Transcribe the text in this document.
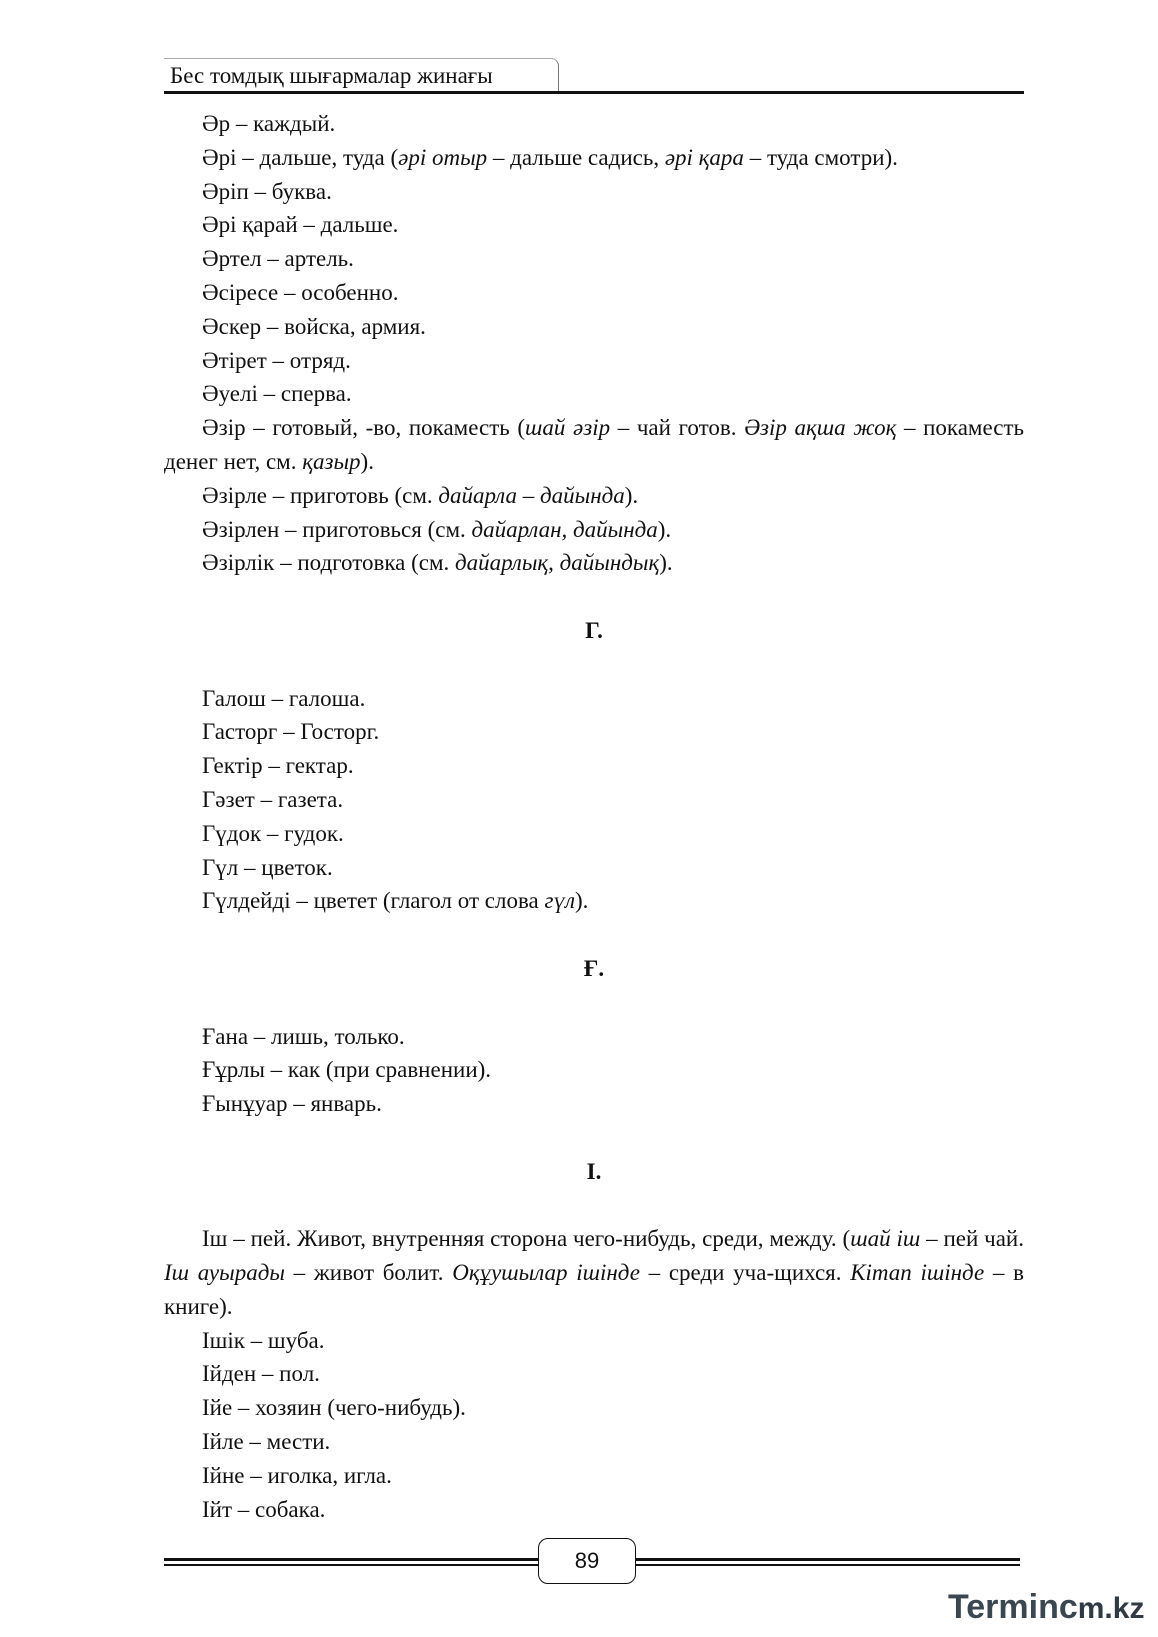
Бес томдық шығармалар жинағы

Әр – каждый.

Әрі – дальше, туда (әрі отыр – дальше садись, әрі қара – туда смотри).

Әріп – буква.

Әрі қарай – дальше.

Әртел – артель.

Әсіресе – особенно.

Әскер – войска, армия.

Әтірет – отряд.

Әуелі – сперва.

Әзір – готовый, -во, покаместь (шай әзір – чай готов. Әзір ақша жоқ – покаместь денег нет, см. қазыр).

Әзірле – приготовь (см. дайарла – дайында).

Әзірлен – приготовься (см. дайарлан, дайында).

Әзірлік – подготовка (см. дайарлық, дайындық).

Г.

Галош – галоша.

Гасторг – Госторг.

Гектір – гектар.

Гәзет – газета.

Гүдок – гудок.

Гүл – цветок.

Гүлдейді – цветет (глагол от слова гүл).

Ғ.

Ғана – лишь, только.

Ғұрлы – как (при сравнении).

Ғынұуар – январь.

І.

Іш – пей. Живот, внутренняя сторона чего-нибудь, среди, между. (шай іш – пей чай. Іш ауырады – живот болит. Оқұушылар ішінде – среди уча-щихся. Кітап ішінде – в книге).

Ішік – шуба.

Ійден – пол.

Ійе – хозяин (чего-нибудь).

Ійле – мести.

Ійне – иголка, игла.

Ійт – собака.

89
Termincm.kz
